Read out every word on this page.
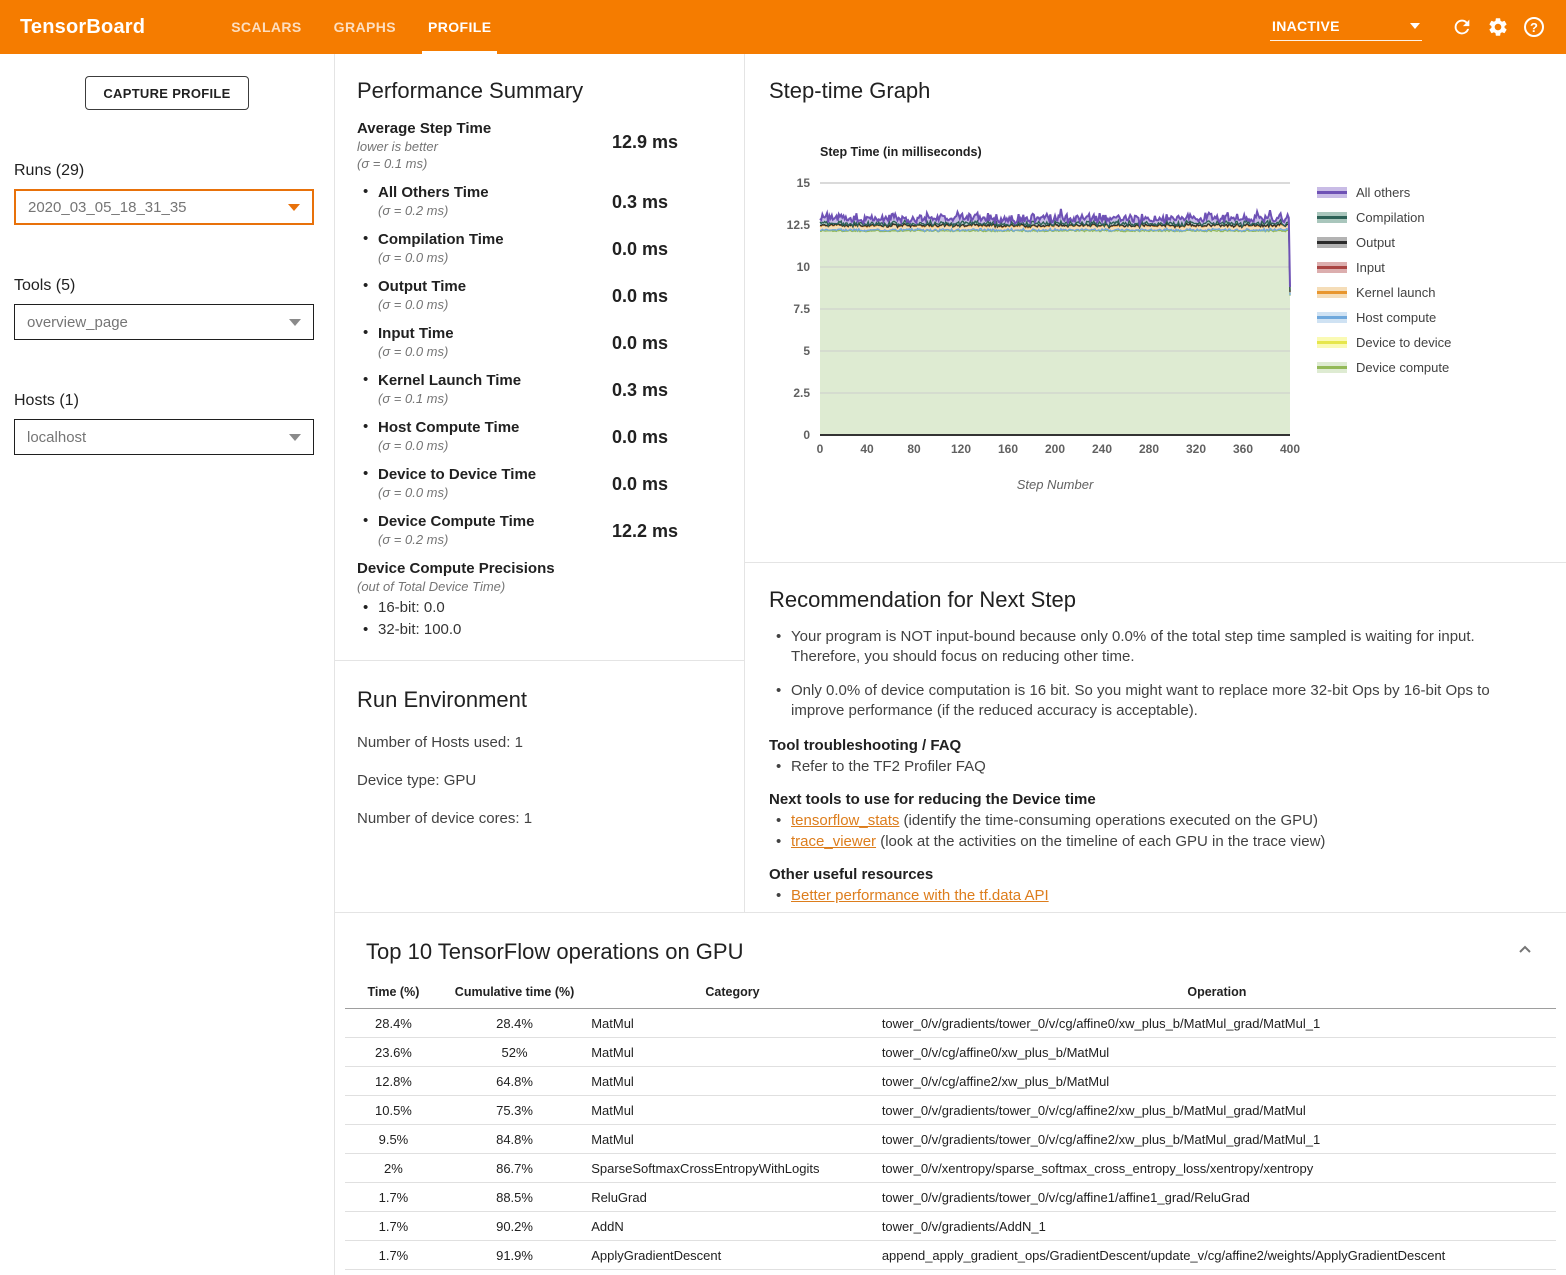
TensorBoard	SCALARS	GRAPHS	PROFILE	INACTIVE	?
CAPTURE PROFILE
Runs (29)
2020_03_05_18_31_35
Tools (5)
overview_page
Hosts (1)
localhost
Performance Summary
Average Step Time
lower is better
(σ = 0.1 ms)
12.9 ms
• All Others Time
(σ = 0.2 ms)	0.3 ms
• Compilation Time
(σ = 0.0 ms)	0.0 ms
• Output Time
(σ = 0.0 ms)	0.0 ms
• Input Time
(σ = 0.0 ms)	0.0 ms
• Kernel Launch Time
(σ = 0.1 ms)	0.3 ms
• Host Compute Time
(σ = 0.0 ms)	0.0 ms
• Device to Device Time
(σ = 0.0 ms)	0.0 ms
• Device Compute Time
(σ = 0.2 ms)	12.2 ms
Device Compute Precisions
(out of Total Device Time)
• 16-bit: 0.0
• 32-bit: 100.0
Run Environment
Number of Hosts used: 1
Device type: GPU
Number of device cores: 1
Step-time Graph
0
2.5
5
7.5
10
12.5
15
0	40	80	120 160 200 240 280 320 360 400
Step Time (in milliseconds)
Step Number
All others
Compilation
Output
Input
Kernel launch
Host compute
Device to device
Device compute
Recommendation for Next Step
• Your program is NOT input-bound because only 0.0% of the total step time sampled is waiting for input. Therefore, you should focus on reducing other time.
• Only 0.0% of device computation is 16 bit. So you might want to replace more 32-bit Ops by 16-bit Ops to improve performance (if the reduced accuracy is acceptable).
Tool troubleshooting / FAQ
• Refer to the TF2 Profiler FAQ
Next tools to use for reducing the Device time
• tensorflow_stats (identify the time-consuming operations executed on the GPU)
• trace_viewer (look at the activities on the timeline of each GPU in the trace view)
Other useful resources
• Better performance with the tf.data API
Top 10 TensorFlow operations on GPU
Time (%)	Cumulative time (%)	Category	Operation
28.4%	28.4%	MatMul	tower_0/v/gradients/tower_0/v/cg/affine0/xw_plus_b/MatMul_grad/MatMul_1
23.6%	52%	MatMul	tower_0/v/cg/affine0/xw_plus_b/MatMul
12.8%	64.8%	MatMul	tower_0/v/cg/affine2/xw_plus_b/MatMul
10.5%	75.3%	MatMul	tower_0/v/gradients/tower_0/v/cg/affine2/xw_plus_b/MatMul_grad/MatMul
9.5%	84.8%	MatMul	tower_0/v/gradients/tower_0/v/cg/affine2/xw_plus_b/MatMul_grad/MatMul_1
2%	86.7%	SparseSoftmaxCrossEntropyWithLogits	tower_0/v/xentropy/sparse_softmax_cross_entropy_loss/xentropy/xentropy
1.7%	88.5%	ReluGrad	tower_0/v/gradients/tower_0/v/cg/affine1/affine1_grad/ReluGrad
1.7%	90.2%	AddN	tower_0/v/gradients/AddN_1
1.7%	91.9%	ApplyGradientDescent	append_apply_gradient_ops/GradientDescent/update_v/cg/affine2/weights/ApplyGradientDescent
